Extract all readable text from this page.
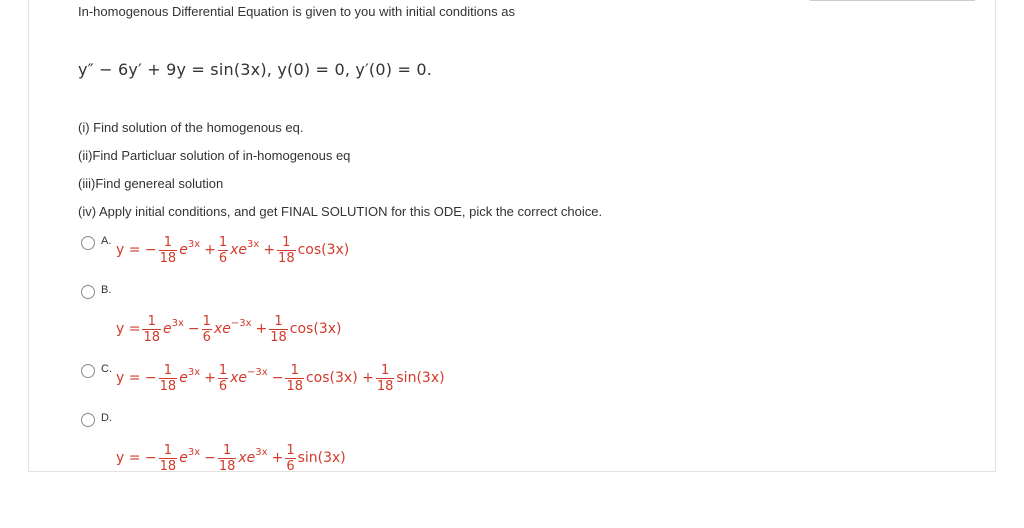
In-homogenous Differential Equation is given to you with initial conditions as
y″ − 6y′ + 9y = sin(3x), y(0) = 0, y′(0) = 0.
(i) Find solution of the homogenous eq.
(ii)Find Particluar solution of in-homogenous eq
(iii)Find genereal solution
(iv) Apply initial conditions, and get FINAL SOLUTION for this ODE, pick the correct choice.
A.
y = − $\frac{1}{18} e^{3x} + \frac{1}{6} xe^{3x} + \frac{1}{18} \cos(3x)$
B.
$y = \frac{1}{18} e^{3x} - \frac{1}{6} xe^{-3x} + \frac{1}{18} \cos(3x)$
C.
y = − $\frac{1}{18} e^{3x} + \frac{1}{6} xe^{-3x} - \frac{1}{18} \cos(3x) + \frac{1}{18} \sin(3x)$
D.
y = − $\frac{1}{18} e^{3x} - \frac{1}{18} xe^{3x} + \frac{1}{6} \sin(3x)$
